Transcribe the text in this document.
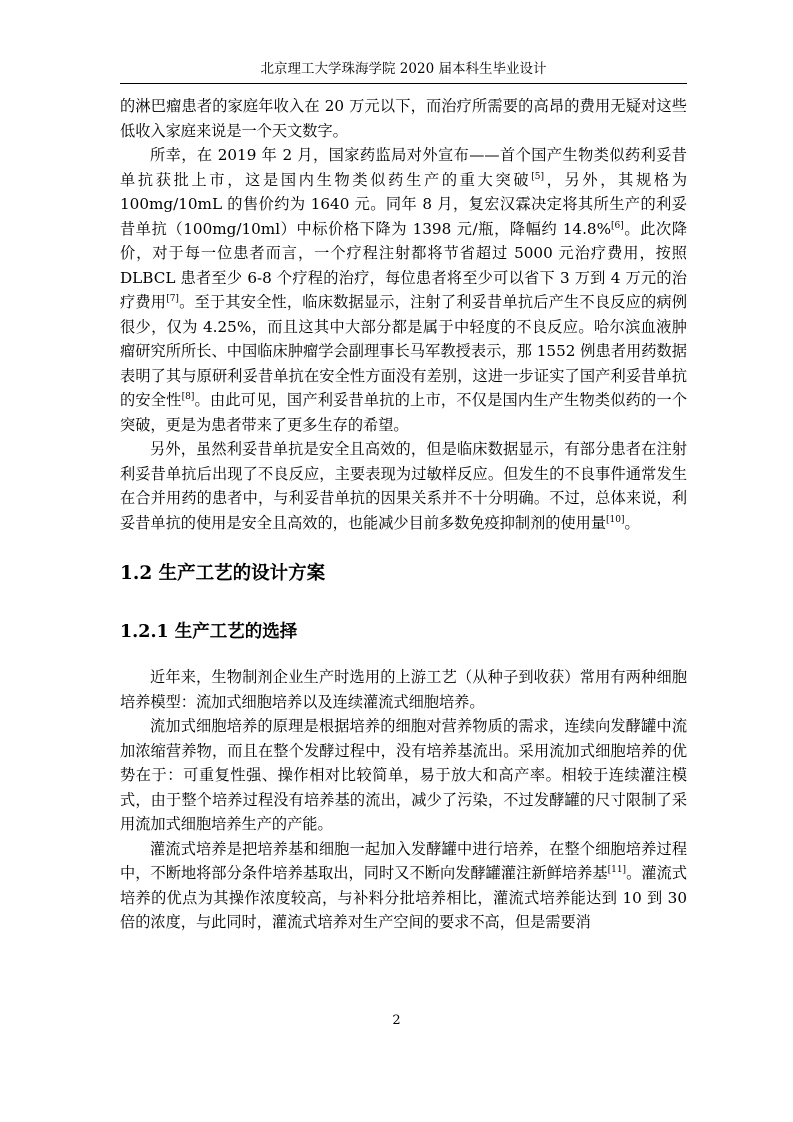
北京理工大学珠海学院 2020 届本科生毕业设计

的淋巴瘤患者的家庭年收入在 20 万元以下，而治疗所需要的高昂的费用无疑对这些低收入家庭来说是一个天文数字。

所幸，在 2019 年 2 月，国家药监局对外宣布——首个国产生物类似药利妥昔单抗获批上市，这是国内生物类似药生产的重大突破[5]，另外，其规格为 100mg/10mL 的售价约为 1640 元。同年 8 月，复宏汉霖决定将其所生产的利妥昔单抗（100mg/10ml）中标价格下降为 1398 元/瓶，降幅约 14.8%[6]。此次降价，对于每一位患者而言，一个疗程注射都将节省超过 5000 元治疗费用，按照 DLBCL 患者至少 6-8 个疗程的治疗，每位患者将至少可以省下 3 万到 4 万元的治疗费用[7]。至于其安全性，临床数据显示，注射了利妥昔单抗后产生不良反应的病例很少，仅为 4.25%，而且这其中大部分都是属于中轻度的不良反应。哈尔滨血液肿瘤研究所所长、中国临床肿瘤学会副理事长马军教授表示，那 1552 例患者用药数据表明了其与原研利妥昔单抗在安全性方面没有差别，这进一步证实了国产利妥昔单抗的安全性[8]。由此可见，国产利妥昔单抗的上市，不仅是国内生产生物类似药的一个突破，更是为患者带来了更多生存的希望。

另外，虽然利妥昔单抗是安全且高效的，但是临床数据显示，有部分患者在注射利妥昔单抗后出现了不良反应，主要表现为过敏样反应。但发生的不良事件通常发生在合并用药的患者中，与利妥昔单抗的因果关系并不十分明确。不过，总体来说，利妥昔单抗的使用是安全且高效的，也能减少目前多数免疫抑制剂的使用量[10]。

1.2 生产工艺的设计方案
1.2.1 生产工艺的选择

近年来，生物制剂企业生产时选用的上游工艺（从种子到收获）常用有两种细胞培养模型：流加式细胞培养以及连续灌流式细胞培养。

流加式细胞培养的原理是根据培养的细胞对营养物质的需求，连续向发酵罐中流加浓缩营养物，而且在整个发酵过程中，没有培养基流出。采用流加式细胞培养的优势在于：可重复性强、操作相对比较简单，易于放大和高产率。相较于连续灌注模式，由于整个培养过程没有培养基的流出，减少了污染，不过发酵罐的尺寸限制了采用流加式细胞培养生产的产能。

灌流式培养是把培养基和细胞一起加入发酵罐中进行培养，在整个细胞培养过程中，不断地将部分条件培养基取出，同时又不断向发酵罐灌注新鲜培养基[11]。灌流式培养的优点为其操作浓度较高，与补料分批培养相比，灌流式培养能达到 10 到 30 倍的浓度，与此同时，灌流式培养对生产空间的要求不高，但是需要消

2
